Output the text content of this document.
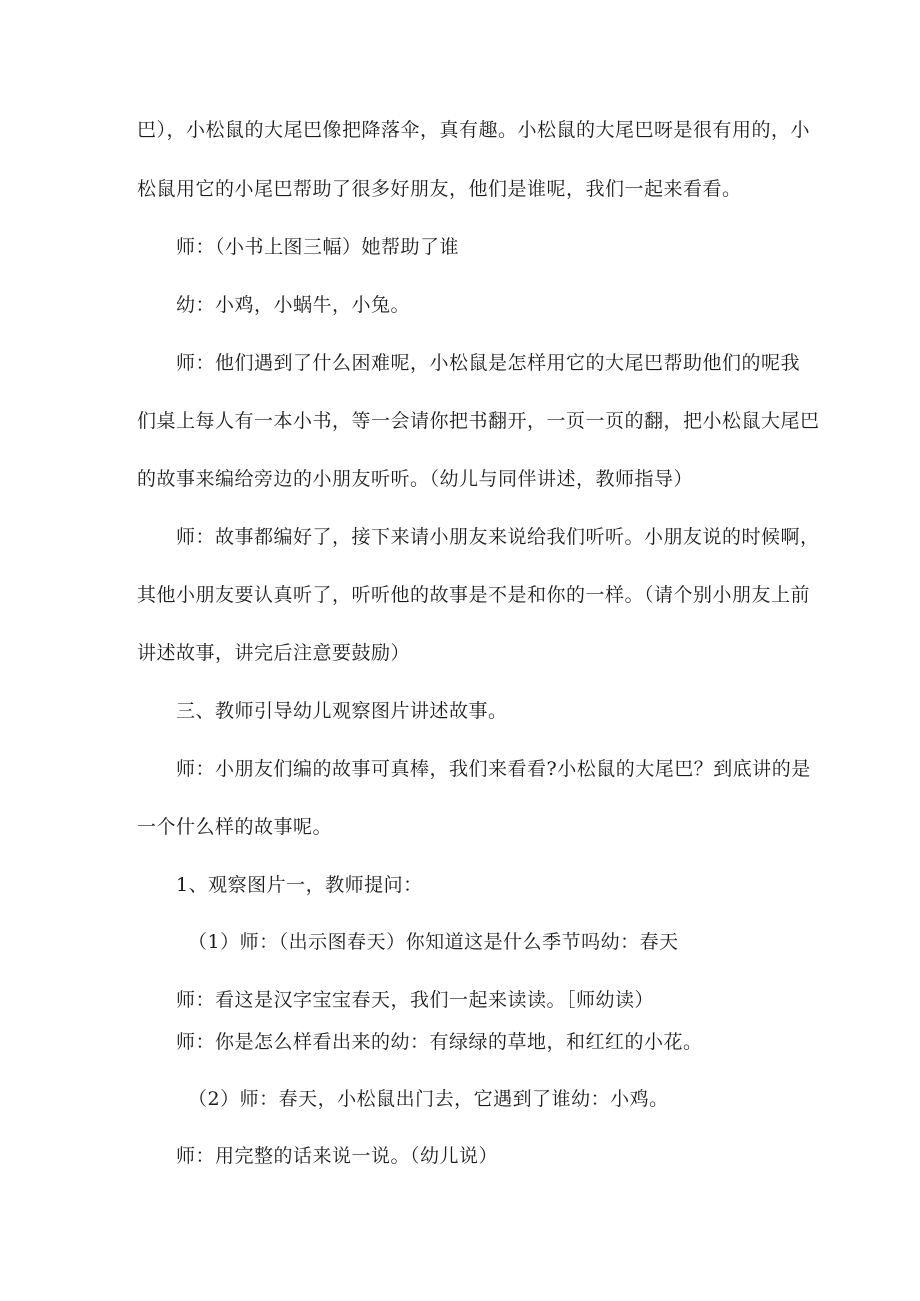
巴），小松鼠的大尾巴像把降落伞，真有趣。小松鼠的大尾巴呀是很有用的，小
松鼠用它的小尾巴帮助了很多好朋友，他们是谁呢，我们一起来看看。
师：（小书上图三幅）她帮助了谁
幼：小鸡，小蜗牛，小兔。
师：他们遇到了什么困难呢，小松鼠是怎样用它的大尾巴帮助他们的呢我
们桌上每人有一本小书，等一会请你把书翻开，一页一页的翻，把小松鼠大尾巴
的故事来编给旁边的小朋友听听。（幼儿与同伴讲述，教师指导）
师：故事都编好了，接下来请小朋友来说给我们听听。小朋友说的时候啊，
其他小朋友要认真听了，听听他的故事是不是和你的一样。（请个别小朋友上前
讲述故事，讲完后注意要鼓励）
三、教师引导幼儿观察图片讲述故事。
师：小朋友们编的故事可真棒，我们来看看?小松鼠的大尾巴？到底讲的是
一个什么样的故事呢。
1、观察图片一，教师提问：
（1）师：（出示图春天）你知道这是什么季节吗幼：春天
师：看这是汉字宝宝春天，我们一起来读读。［师幼读）
师：你是怎么样看出来的幼：有绿绿的草地，和红红的小花。
（2）师：春天，小松鼠出门去，它遇到了谁幼：小鸡。
师：用完整的话来说一说。（幼儿说）
